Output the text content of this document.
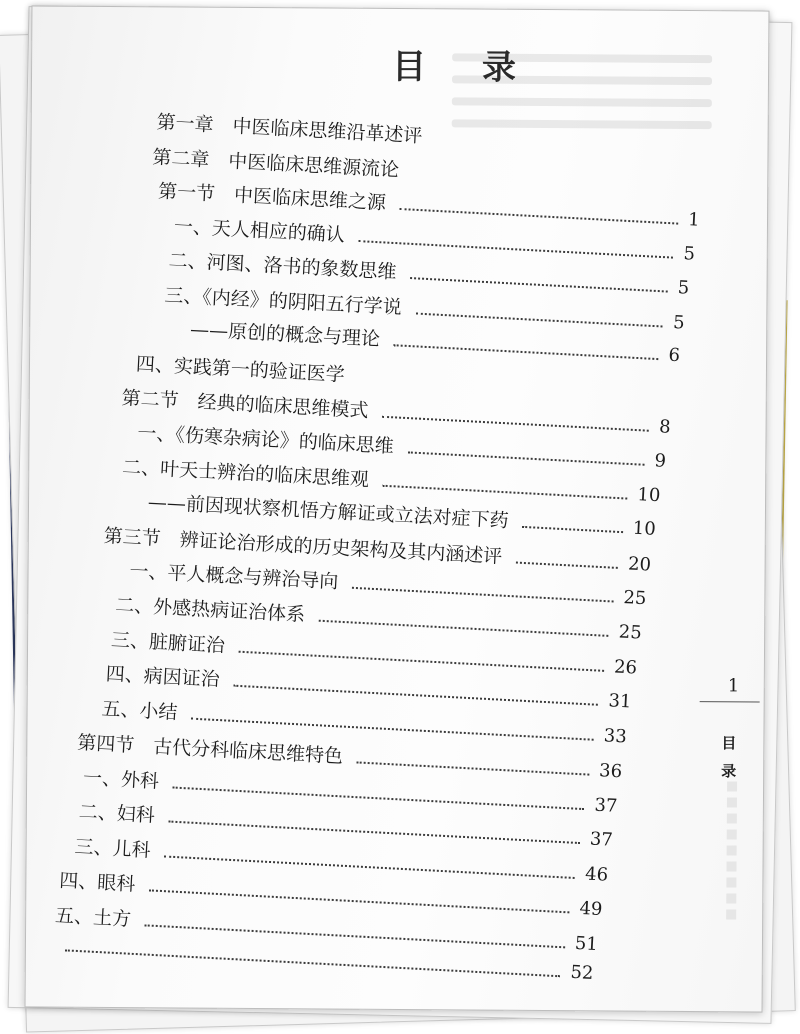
目 录
第一章　中医临床思维沿革述评
第二章　中医临床思维源流论
第一节　中医临床思维之源
1
一、天人相应的确认
5
二、河图、洛书的象数思维
5
三、《内经》的阴阳五行学说
5
——原创的概念与理论
6
四、实践第一的验证医学
第二节　经典的临床思维模式
8
一、《伤寒杂病论》的临床思维
9
二、叶天士辨治的临床思维观
10
——前因现状察机悟方解证或立法对症下药	10
第三节　辨证论治形成的历史架构及其内涵述评	20
一、平人概念与辨治导向
25
二、外感热病证治体系
25
三、脏腑证治
26
四、病因证治
31
五、小结
33
第四节　古代分科临床思维特色
36
一、外科
37
二、妇科
37
三、儿科
46
四、眼科
49
五、土方
51
52
1
目录
